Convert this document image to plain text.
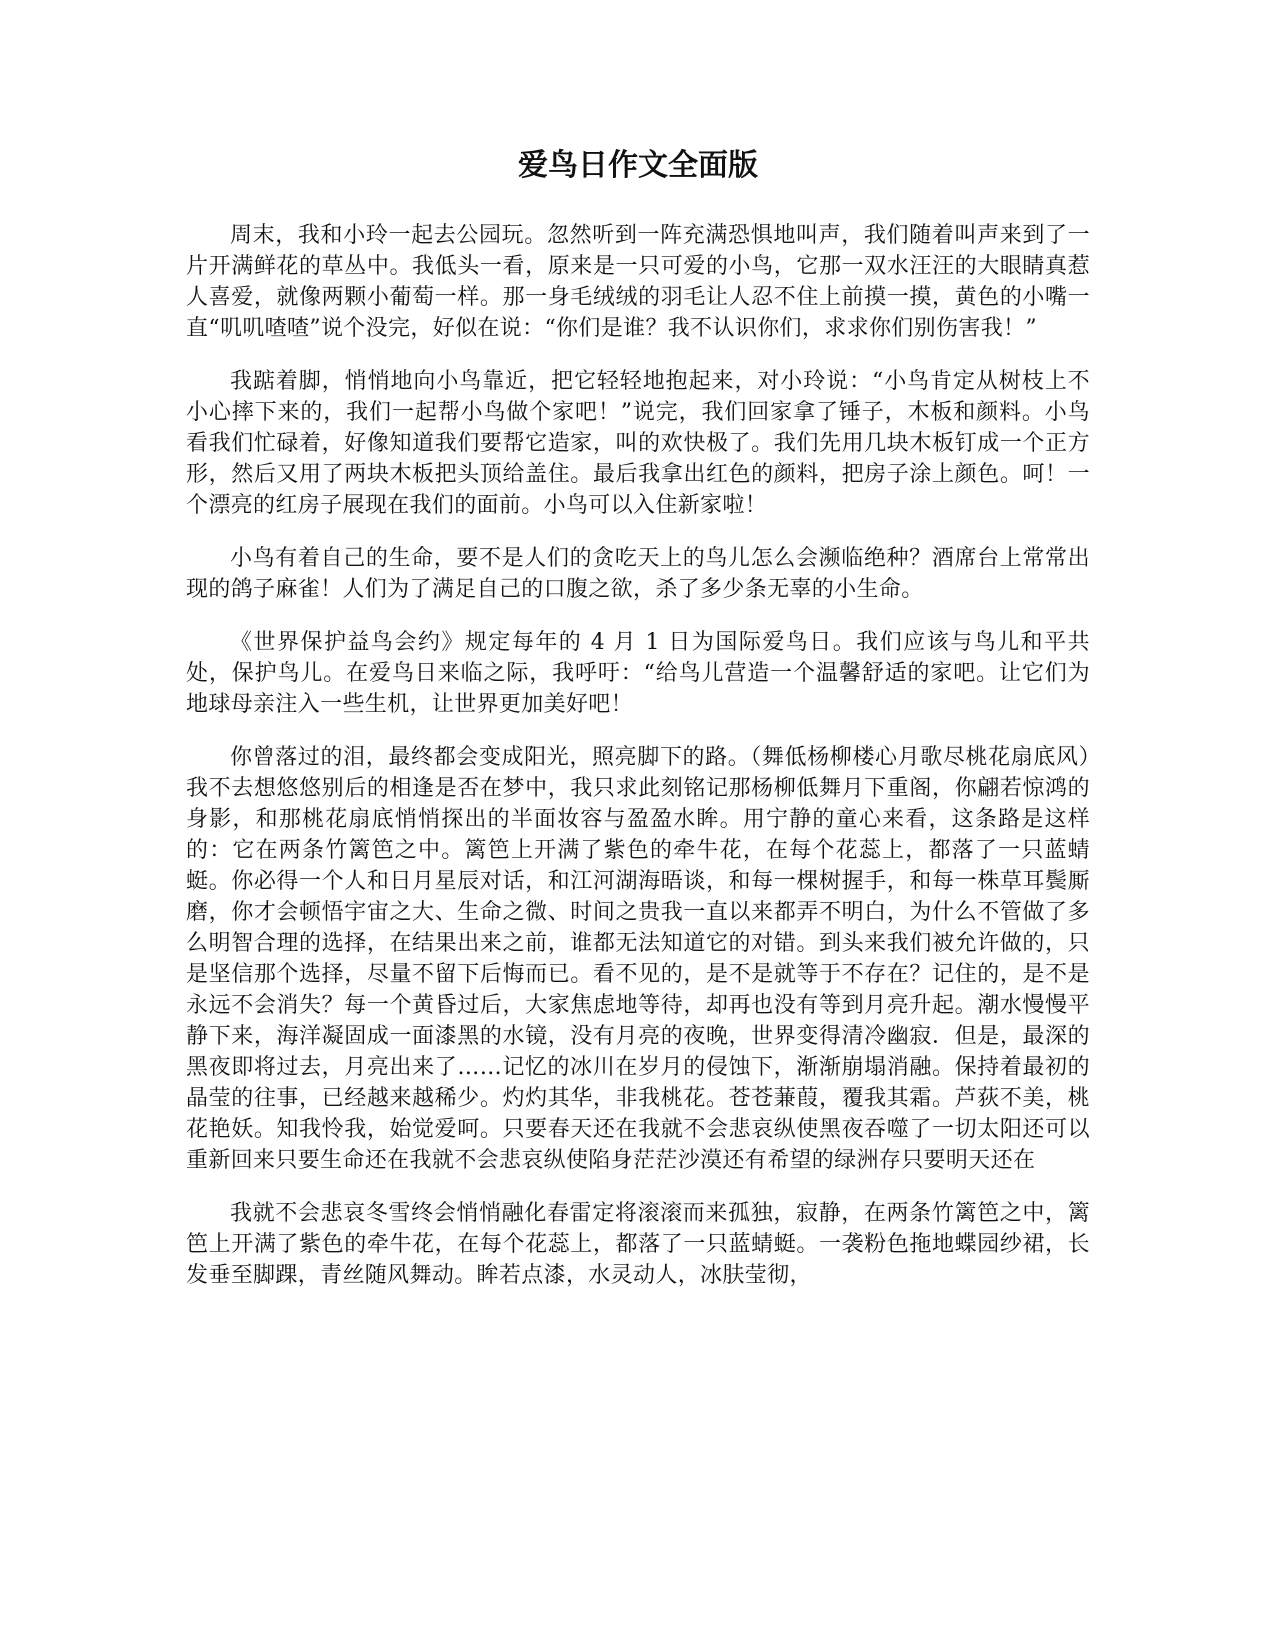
爱鸟日作文全面版

周末，我和小玲一起去公园玩。忽然听到一阵充满恐惧地叫声，我们随着叫声来到了一片开满鲜花的草丛中。我低头一看，原来是一只可爱的小鸟，它那一双水汪汪的大眼睛真惹人喜爱，就像两颗小葡萄一样。那一身毛绒绒的羽毛让人忍不住上前摸一摸，黄色的小嘴一直“叽叽喳喳”说个没完，好似在说：“你们是谁？我不认识你们，求求你们别伤害我！”

我踮着脚，悄悄地向小鸟靠近，把它轻轻地抱起来，对小玲说：“小鸟肯定从树枝上不小心摔下来的，我们一起帮小鸟做个家吧！”说完，我们回家拿了锤子，木板和颜料。小鸟看我们忙碌着，好像知道我们要帮它造家，叫的欢快极了。我们先用几块木板钉成一个正方形，然后又用了两块木板把头顶给盖住。最后我拿出红色的颜料，把房子涂上颜色。呵！一个漂亮的红房子展现在我们的面前。小鸟可以入住新家啦！

小鸟有着自己的生命，要不是人们的贪吃天上的鸟儿怎么会濒临绝种？酒席台上常常出现的鸽子麻雀！人们为了满足自己的口腹之欲，杀了多少条无辜的小生命。

《世界保护益鸟会约》规定每年的 4 月 1 日为国际爱鸟日。我们应该与鸟儿和平共处，保护鸟儿。在爱鸟日来临之际，我呼吁：“给鸟儿营造一个温馨舒适的家吧。让它们为地球母亲注入一些生机，让世界更加美好吧！

你曾落过的泪，最终都会变成阳光，照亮脚下的路。（舞低杨柳楼心月歌尽桃花扇底风）我不去想悠悠别后的相逢是否在梦中，我只求此刻铭记那杨柳低舞月下重阁，你翩若惊鸿的身影，和那桃花扇底悄悄探出的半面妆容与盈盈水眸。用宁静的童心来看，这条路是这样的：它在两条竹篱笆之中。篱笆上开满了紫色的牵牛花，在每个花蕊上，都落了一只蓝蜻蜓。你必得一个人和日月星辰对话，和江河湖海晤谈，和每一棵树握手，和每一株草耳鬓厮磨，你才会顿悟宇宙之大、生命之微、时间之贵我一直以来都弄不明白，为什么不管做了多么明智合理的选择，在结果出来之前，谁都无法知道它的对错。到头来我们被允许做的，只是坚信那个选择，尽量不留下后悔而已。看不见的，是不是就等于不存在？记住的，是不是永远不会消失？每一个黄昏过后，大家焦虑地等待，却再也没有等到月亮升起。潮水慢慢平静下来，海洋凝固成一面漆黑的水镜，没有月亮的夜晚，世界变得清冷幽寂．但是，最深的黑夜即将过去，月亮出来了……记忆的冰川在岁月的侵蚀下，渐渐崩塌消融。保持着最初的晶莹的往事，已经越来越稀少。灼灼其华，非我桃花。苍苍蒹葭，覆我其霜。芦荻不美，桃花艳妖。知我怜我，始觉爱呵。只要春天还在我就不会悲哀纵使黑夜吞噬了一切太阳还可以重新回来只要生命还在我就不会悲哀纵使陷身茫茫沙漠还有希望的绿洲存只要明天还在

我就不会悲哀冬雪终会悄悄融化春雷定将滚滚而来孤独，寂静，在两条竹篱笆之中，篱笆上开满了紫色的牵牛花，在每个花蕊上，都落了一只蓝蜻蜓。一袭粉色拖地蝶园纱裙，长发垂至脚踝，青丝随风舞动。眸若点漆，水灵动人，冰肤莹彻，
